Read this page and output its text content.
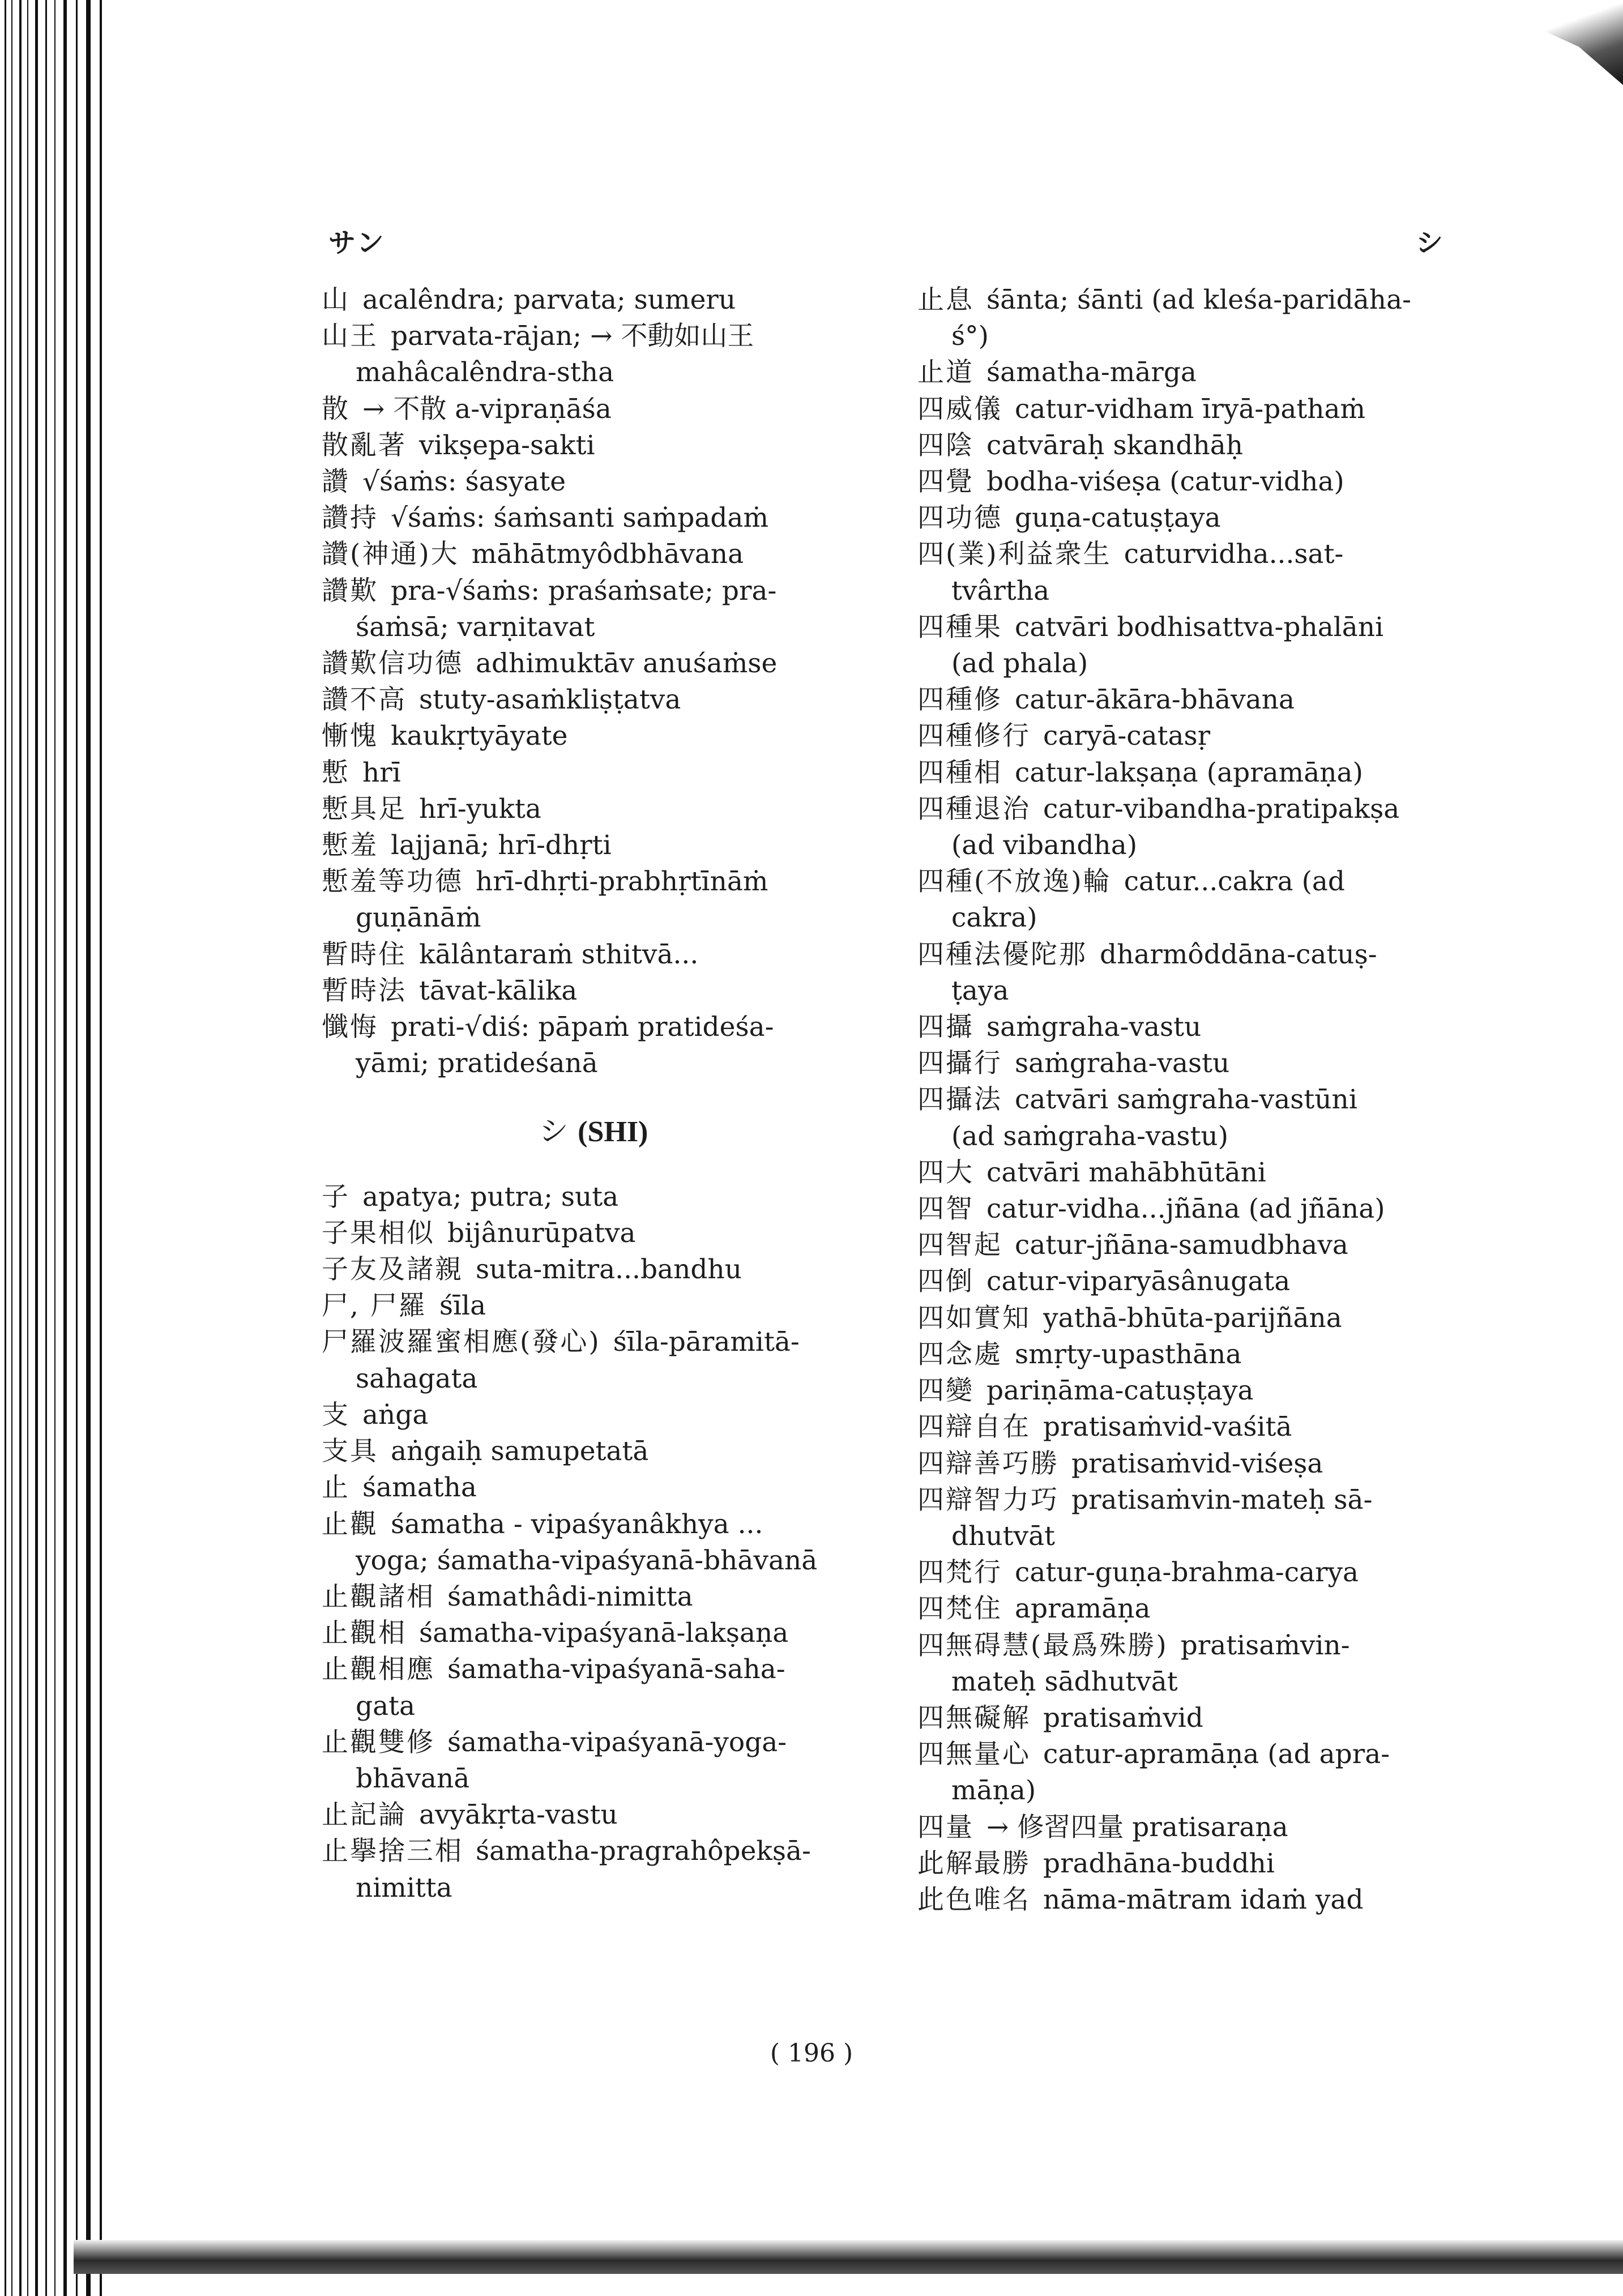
サン	シ
山 acalêndra; parvata; sumeru
山王 parvata-rājan; → 不動如山王
mahâcalêndra-stha
散 → 不散 a-vipraṇāśa
散亂著 vikṣepa-sakti
讚 √śaṁs: śasyate
讚持 √śaṁs: śaṁsanti saṁpadaṁ
讚(神通)大 māhātmyôdbhāvana
讚歎 pra-√śaṁs: praśaṁsate; pra-
śaṁsā; varṇitavat
讚歎信功德 adhimuktāv anuśaṁse
讚不高 stuty-asaṁkliṣṭatva
慚愧 kaukṛtyāyate
慙 hrī
慙具足 hrī-yukta
慙羞 lajjanā; hrī-dhṛti
慙羞等功德 hrī-dhṛti-prabhṛtīnāṁ
guṇānāṁ
暫時住 kālântaraṁ sthitvā...
暫時法 tāvat-kālika
懺悔 prati-√diś: pāpaṁ pratideśa-
yāmi; pratideśanā
シ (SHI)
子 apatya; putra; suta
子果相似 bijânurūpatva
子友及諸親 suta-mitra...bandhu
尸, 尸羅 śīla
尸羅波羅蜜相應(發心) śīla-pāramitā-
sahagata
支 aṅga
支具 aṅgaiḥ samupetatā
止 śamatha
止觀 śamatha - vipaśyanâkhya ...
yoga; śamatha-vipaśyanā-bhāvanā
止觀諸相 śamathâdi-nimitta
止觀相 śamatha-vipaśyanā-lakṣaṇa
止觀相應 śamatha-vipaśyanā-saha-
gata
止觀雙修 śamatha-vipaśyanā-yoga-
bhāvanā
止記論 avyākṛta-vastu
止擧捨三相 śamatha-pragrahôpekṣā-
nimitta
止息 śānta; śānti (ad kleśa-paridāha-
ś°)
止道 śamatha-mārga
四威儀 catur-vidham īryā-pathaṁ
四陰 catvāraḥ skandhāḥ
四覺 bodha-viśeṣa (catur-vidha)
四功德 guṇa-catuṣṭaya
四(業)利益衆生 caturvidha...sat-
tvârtha
四種果 catvāri bodhisattva-phalāni
(ad phala)
四種修 catur-ākāra-bhāvana
四種修行 caryā-catasṛ
四種相 catur-lakṣaṇa (apramāṇa)
四種退治 catur-vibandha-pratipakṣa
(ad vibandha)
四種(不放逸)輪 catur...cakra (ad
cakra)
四種法優陀那 dharmôddāna-catuṣ-
ṭaya
四攝 saṁgraha-vastu
四攝行 saṁgraha-vastu
四攝法 catvāri saṁgraha-vastūni
(ad saṁgraha-vastu)
四大 catvāri mahābhūtāni
四智 catur-vidha...jñāna (ad jñāna)
四智起 catur-jñāna-samudbhava
四倒 catur-viparyāsânugata
四如實知 yathā-bhūta-parijñāna
四念處 smṛty-upasthāna
四變 pariṇāma-catuṣṭaya
四辯自在 pratisaṁvid-vaśitā
四辯善巧勝 pratisaṁvid-viśeṣa
四辯智力巧 pratisaṁvin-mateḥ sā-
dhutvāt
四梵行 catur-guṇa-brahma-carya
四梵住 apramāṇa
四無碍慧(最爲殊勝) pratisaṁvin-
mateḥ sādhutvāt
四無礙解 pratisaṁvid
四無量心 catur-apramāṇa (ad apra-
māṇa)
四量 → 修習四量 pratisaraṇa
此解最勝 pradhāna-buddhi
此色唯名 nāma-mātram idaṁ yad
( 196 )
